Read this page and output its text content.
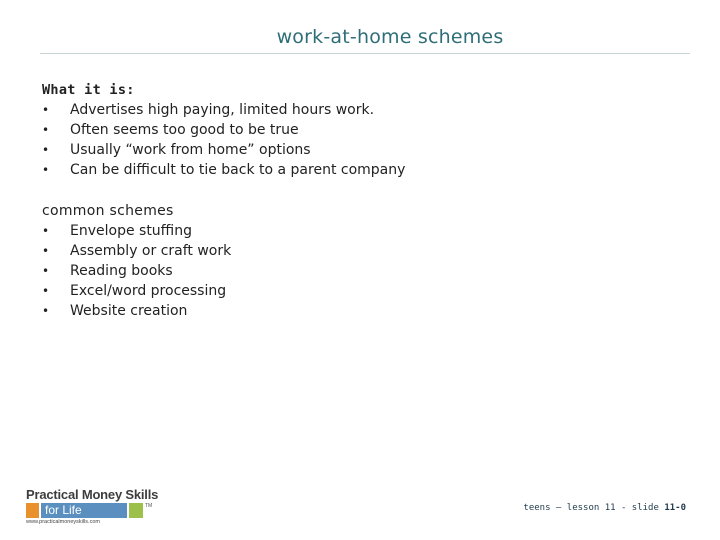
work-at-home schemes
What it is:
• Advertises high paying, limited hours work.
• Often seems too good to be true
• Usually “work from home” options
• Can be difficult to tie back to a parent company
common schemes
• Envelope stuffing
• Assembly or craft work
• Reading books
• Excel/word processing
• Website creation
Practical Money Skills
for Life	TM
www.practicalmoneyskills.com
teens – lesson 11 - slide 11-0
